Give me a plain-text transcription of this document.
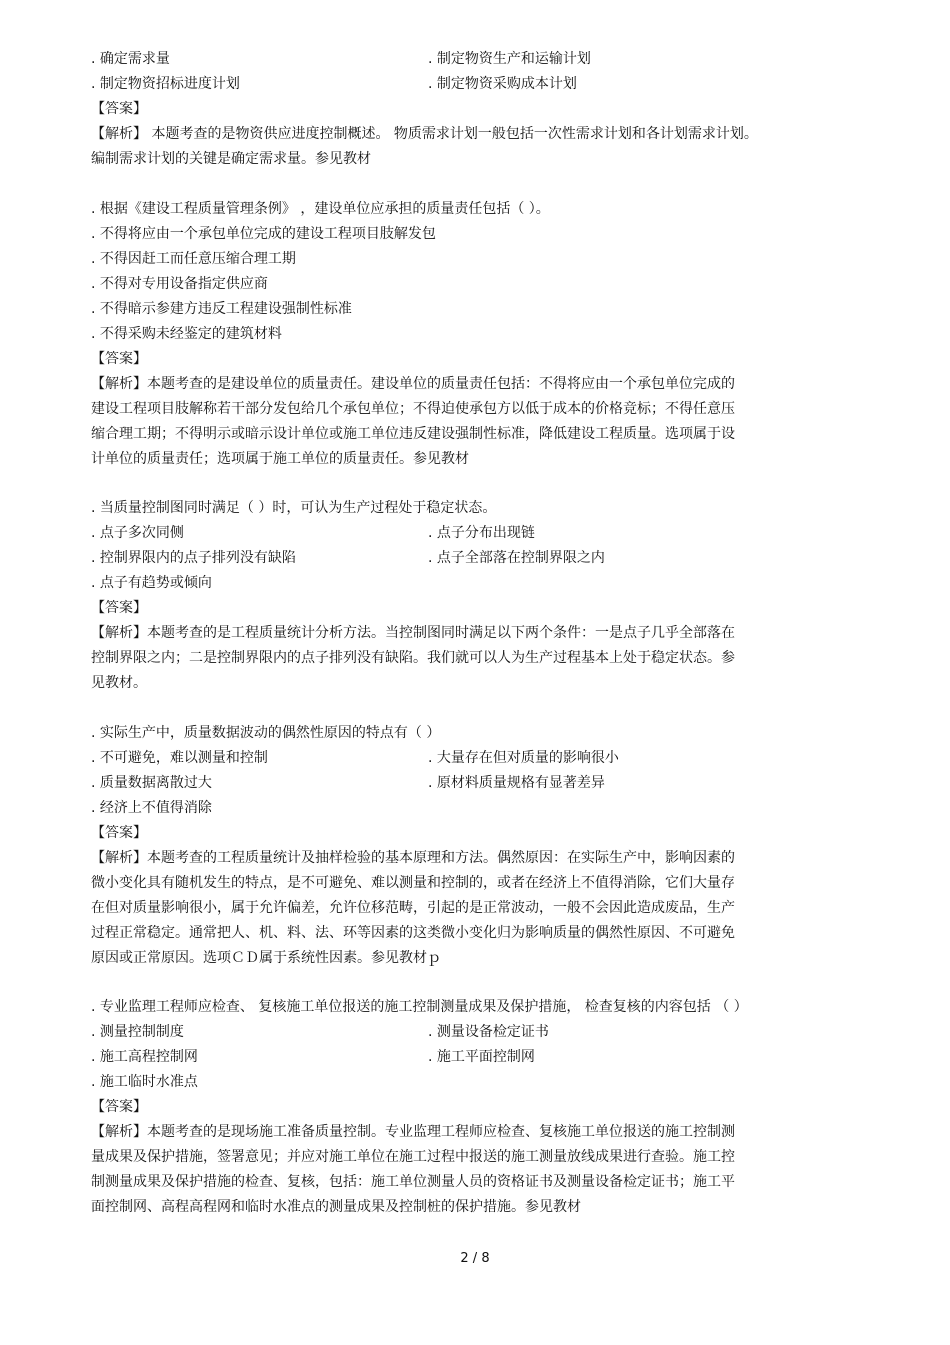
. 确定需求量	. 制定物资生产和运输计划
. 制定物资招标进度计划	. 制定物资采购成本计划
【答案】
【解析】 本题考查的是物资供应进度控制概述。 物质需求计划一般包括一次性需求计划和各计划需求计划。
编制需求计划的关键是确定需求量。参见教材
. 根据《建设工程质量管理条例》 ，建设单位应承担的质量责任包括（ ）。
. 不得将应由一个承包单位完成的建设工程项目肢解发包
. 不得因赶工而任意压缩合理工期
. 不得对专用设备指定供应商
. 不得暗示参建方违反工程建设强制性标准
. 不得采购未经鉴定的建筑材料
【答案】
【解析】本题考查的是建设单位的质量责任。建设单位的质量责任包括：不得将应由一个承包单位完成的
建设工程项目肢解称若干部分发包给几个承包单位；不得迫使承包方以低于成本的价格竞标；不得任意压
缩合理工期；不得明示或暗示设计单位或施工单位违反建设强制性标准，降低建设工程质量。选项属于设
计单位的质量责任；选项属于施工单位的质量责任。参见教材
. 当质量控制图同时满足（ ）时，可认为生产过程处于稳定状态。
. 点子多次同侧	. 点子分布出现链
. 控制界限内的点子排列没有缺陷	. 点子全部落在控制界限之内
. 点子有趋势或倾向
【答案】
【解析】本题考查的是工程质量统计分析方法。当控制图同时满足以下两个条件：一是点子几乎全部落在
控制界限之内；二是控制界限内的点子排列没有缺陷。我们就可以人为生产过程基本上处于稳定状态。参
见教材。
. 实际生产中，质量数据波动的偶然性原因的特点有（ ）
. 不可避免，难以测量和控制	. 大量存在但对质量的影响很小
. 质量数据离散过大	. 原材料质量规格有显著差异
. 经济上不值得消除
【答案】
【解析】本题考查的工程质量统计及抽样检验的基本原理和方法。偶然原因：在实际生产中，影响因素的
微小变化具有随机发生的特点，是不可避免、难以测量和控制的，或者在经济上不值得消除，它们大量存
在但对质量影响很小，属于允许偏差，允许位移范畴，引起的是正常波动，一般不会因此造成废品，生产
过程正常稳定。通常把人、机、料、法、环等因素的这类微小变化归为影响质量的偶然性原因、不可避免
原因或正常原因。选项ＣＤ属于系统性因素。参见教材ｐ
. 专业监理工程师应检查、 复核施工单位报送的施工控制测量成果及保护措施， 检查复核的内容包括 （ ）
. 测量控制制度	. 测量设备检定证书
. 施工高程控制网	. 施工平面控制网
. 施工临时水准点
【答案】
【解析】本题考查的是现场施工准备质量控制。专业监理工程师应检查、复核施工单位报送的施工控制测
量成果及保护措施，签署意见；并应对施工单位在施工过程中报送的施工测量放线成果进行查验。施工控
制测量成果及保护措施的检查、复核，包括：施工单位测量人员的资格证书及测量设备检定证书；施工平
面控制网、高程高程网和临时水准点的测量成果及控制桩的保护措施。参见教材
2 / 8
